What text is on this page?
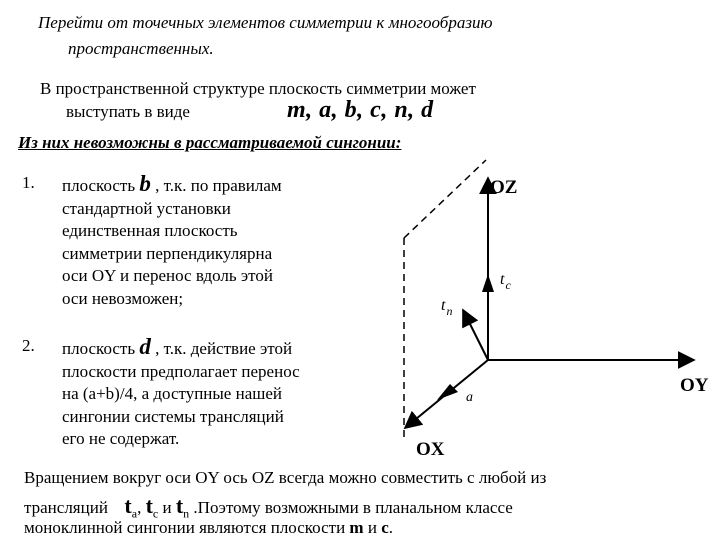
Перейти от точечных элементов симметрии к многообразию
пространственных.
В пространственной структуре плоскость симметрии может
выступать в виде	m, a, b, c, n, d
Из них невозможны в рассматриваемой сингонии:
1. плоскость b , т.к. по правилам
стандартной установки
единственная плоскость
симметрии перпендикулярна
оси OY и перенос вдоль этой
оси невозможен;
2. плоскость d , т.к. действие этой
плоскости предполагает перенос
на (a+b)/4, а доступные нашей
сингонии системы трансляций
его не содержат.
OZ
OY
OX
$t_c$
$t_n$
a
Вращением вокруг оси OY ось OZ всегда можно совместить с любой из
трансляций $t_a$, $t_c$ и $t_n$ .Поэтому возможными в планальном классе
моноклинной сингонии являются плоскости m и c.
